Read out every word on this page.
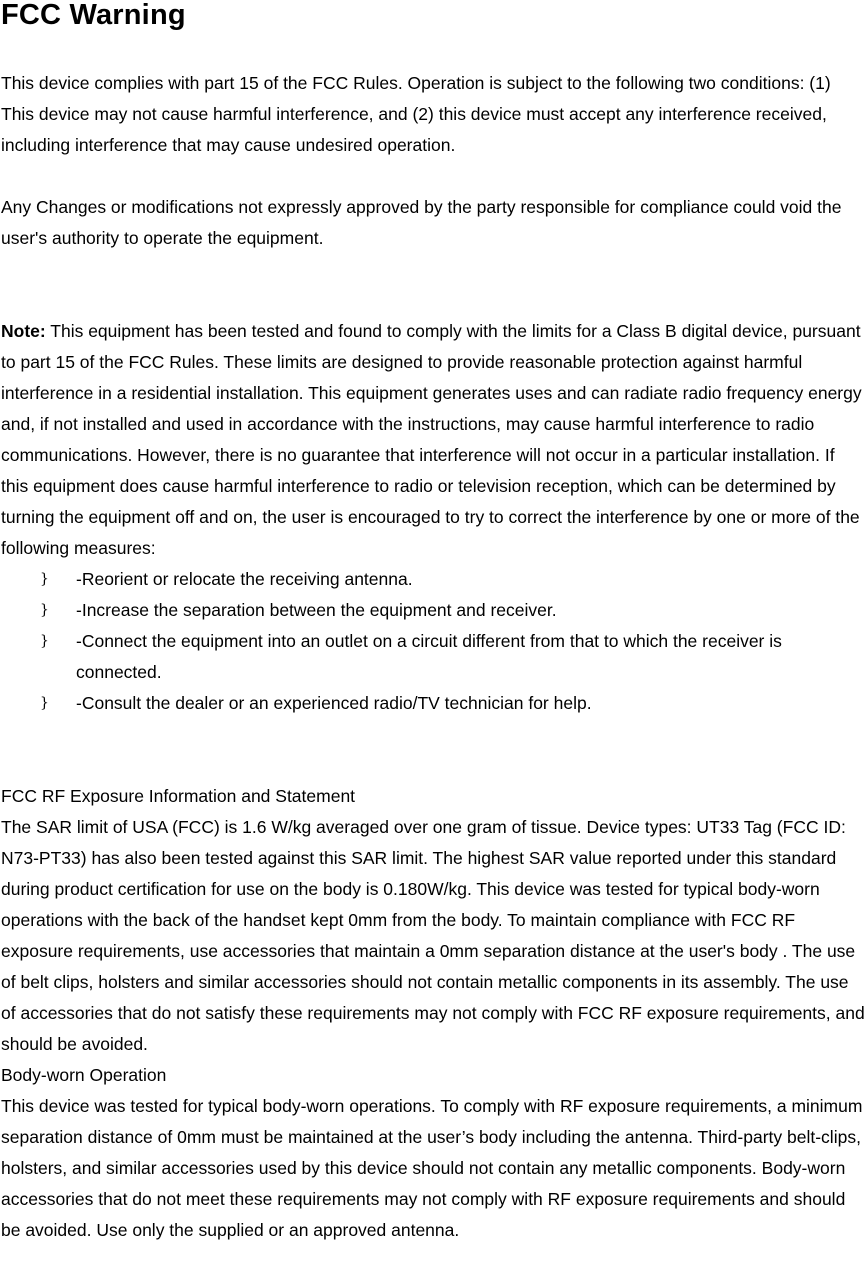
FCC Warning

This device complies with part 15 of the FCC Rules. Operation is subject to the following two conditions: (1) This device may not cause harmful interference, and (2) this device must accept any interference received, including interference that may cause undesired operation.

Any Changes or modifications not expressly approved by the party responsible for compliance could void the user's authority to operate the equipment.

Note: This equipment has been tested and found to comply with the limits for a Class B digital device, pursuant to part 15 of the FCC Rules. These limits are designed to provide reasonable protection against harmful interference in a residential installation. This equipment generates uses and can radiate radio frequency energy and, if not installed and used in accordance with the instructions, may cause harmful interference to radio communications. However, there is no guarantee that interference will not occur in a particular installation. If this equipment does cause harmful interference to radio or television reception, which can be determined by turning the equipment off and on, the user is encouraged to try to correct the interference by one or more of the following measures:

} -Reorient or relocate the receiving antenna.
} -Increase the separation between the equipment and receiver.
} -Connect the equipment into an outlet on a circuit different from that to which the receiver is connected.
} -Consult the dealer or an experienced radio/TV technician for help.

FCC RF Exposure Information and Statement

The SAR limit of USA (FCC) is 1.6 W/kg averaged over one gram of tissue. Device types: UT33 Tag (FCC ID: N73-PT33) has also been tested against this SAR limit. The highest SAR value reported under this standard during product certification for use on the body is 0.180W/kg. This device was tested for typical body-worn operations with the back of the handset kept 0mm from the body. To maintain compliance with FCC RF exposure requirements, use accessories that maintain a 0mm separation distance at the user's body . The use of belt clips, holsters and similar accessories should not contain metallic components in its assembly. The use of accessories that do not satisfy these requirements may not comply with FCC RF exposure requirements, and should be avoided.

Body-worn Operation

This device was tested for typical body-worn operations. To comply with RF exposure requirements, a minimum separation distance of 0mm must be maintained at the user’s body including the antenna. Third-party belt-clips, holsters, and similar accessories used by this device should not contain any metallic components. Body-worn accessories that do not meet these requirements may not comply with RF exposure requirements and should be avoided. Use only the supplied or an approved antenna.
